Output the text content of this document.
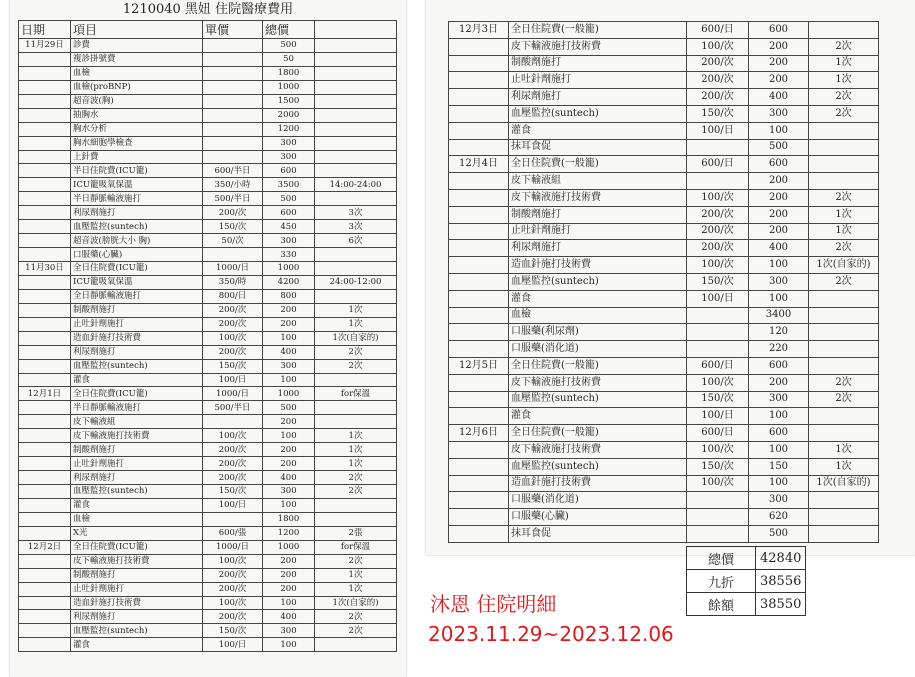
1210040 黑妞 住院醫療費用
日期	項目	單價	總價	
11月29日	診費		500	
	複診掛號費		50	
	血檢		1800	
	血檢(proBNP)		1000	
	超音波(胸)		1500	
	抽胸水		2000	
	胸水分析		1200	
	胸水細胞學檢查		300	
	上針費		300	
	半日住院費(ICU籠)	600/半日	600	
	ICU籠吸氧保溫	350/小時	3500	14:00-24:00
	半日靜脈輸液施打	500/半日	500	
	利尿劑施打	200/次	600	3次
	血壓監控(suntech)	150/次	450	3次
	超音波(膀胱大小 胸)	50/次	300	6次
	口服藥(心臟)		330	
11月30日	全日住院費(ICU籠)	1000/日	1000	
	ICU籠吸氧保溫	350/時	4200	24:00-12:00
	全日靜脈輸液施打	800/日	800	
	制酸劑施打	200/次	200	1次
	止吐針劑施打	200/次	200	1次
	造血針施打技術費	100/次	100	1次(自家的)
	利尿劑施打	200/次	400	2次
	血壓監控(suntech)	150/次	300	2次
	灌食	100/日	100	
12月1日	全日住院費(ICU籠)	1000/日	1000	for保溫
	半日靜脈輸液施打	500/半日	500	
	皮下輸液組		200	
	皮下輸液施打技術費	100/次	100	1次
	制酸劑施打	200/次	200	1次
	止吐針劑施打	200/次	200	1次
	利尿劑施打	200/次	400	2次
	血壓監控(suntech)	150/次	300	2次
	灌食	100/日	100	
	血檢		1800	
	X光	600/張	1200	2張
12月2日	全日住院費(ICU籠)	1000/日	1000	for保溫
	皮下輸液施打技術費	100/次	200	2次
	制酸劑施打	200/次	200	1次
	止吐針劑施打	200/次	200	1次
	造血針施打技術費	100/次	100	1次(自家的)
	利尿劑施打	200/次	400	2次
	血壓監控(suntech)	150/次	300	2次
	灌食	100/日	100	
12月3日	全日住院費(一般籠)	600/日	600	
	皮下輸液施打技術費	100/次	200	2次
	制酸劑施打	200/次	200	1次
	止吐針劑施打	200/次	200	1次
	利尿劑施打	200/次	400	2次
	血壓監控(suntech)	150/次	300	2次
	灌食	100/日	100	
	抹耳食促		500	
12月4日	全日住院費(一般籠)	600/日	600	
	皮下輸液組		200	
	皮下輸液施打技術費	100/次	200	2次
	制酸劑施打	200/次	200	1次
	止吐針劑施打	200/次	200	1次
	利尿劑施打	200/次	400	2次
	造血針施打技術費	100/次	100	1次(自家的)
	血壓監控(suntech)	150/次	300	2次
	灌食	100/日	100	
	血檢		3400	
	口服藥(利尿劑)		120	
	口服藥(消化道)		220	
12月5日	全日住院費(一般籠)	600/日	600	
	皮下輸液施打技術費	100/次	200	2次
	血壓監控(suntech)	150/次	300	2次
	灌食	100/日	100	
12月6日	全日住院費(一般籠)	600/日	600	
	皮下輸液施打技術費	100/次	100	1次
	血壓監控(suntech)	150/次	150	1次
	造血針施打技術費	100/次	100	1次(自家的)
	口服藥(消化道)		300	
	口服藥(心臟)		620	
	抹耳食促		500	
總價	42840
九折	38556
餘額	38550
沐恩 住院明細
2023.11.29~2023.12.06
